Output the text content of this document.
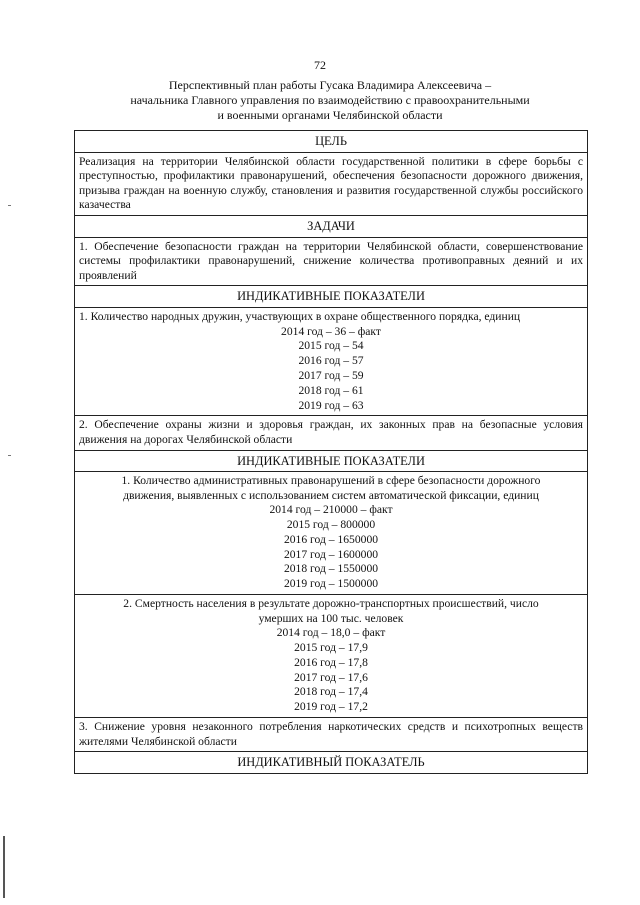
72
Перспективный план работы Гусака Владимира Алексеевича –
начальника Главного управления по взаимодействию с правоохранительными
и военными органами Челябинской области
ЦЕЛЬ
Реализация на территории Челябинской области государственной политики в сфере борьбы с преступностью, профилактики правонарушений, обеспечения безопасности дорожного движения, призыва граждан на военную службу, становления и развития государственной службы российского казачества
ЗАДАЧИ
1. Обеспечение безопасности граждан на территории Челябинской области, совершенствование системы профилактики правонарушений, снижение количества противоправных деяний и их проявлений
ИНДИКАТИВНЫЕ ПОКАЗАТЕЛИ

1. Количество народных дружин, участвующих в охране общественного порядка, единиц
2014 год – 36 – факт
2015 год – 54
2016 год – 57
2017 год – 59
2018 год – 61
2019 год – 63

2. Обеспечение охраны жизни и здоровья граждан, их законных прав на безопасные условия движения на дорогах Челябинской области
ИНДИКАТИВНЫЕ ПОКАЗАТЕЛИ

1. Количество административных правонарушений в сфере безопасности дорожного
движения, выявленных с использованием систем автоматической фиксации, единиц
2014 год – 210000 – факт
2015 год – 800000
2016 год – 1650000
2017 год – 1600000
2018 год – 1550000
2019 год – 1500000

2. Смертность населения в результате дорожно-транспортных происшествий, число
умерших на 100 тыс. человек
2014 год – 18,0 – факт
2015 год – 17,9
2016 год – 17,8
2017 год – 17,6
2018 год – 17,4
2019 год – 17,2

3. Снижение уровня незаконного потребления наркотических средств и психотропных веществ жителями Челябинской области
ИНДИКАТИВНЫЙ ПОКАЗАТЕЛЬ
